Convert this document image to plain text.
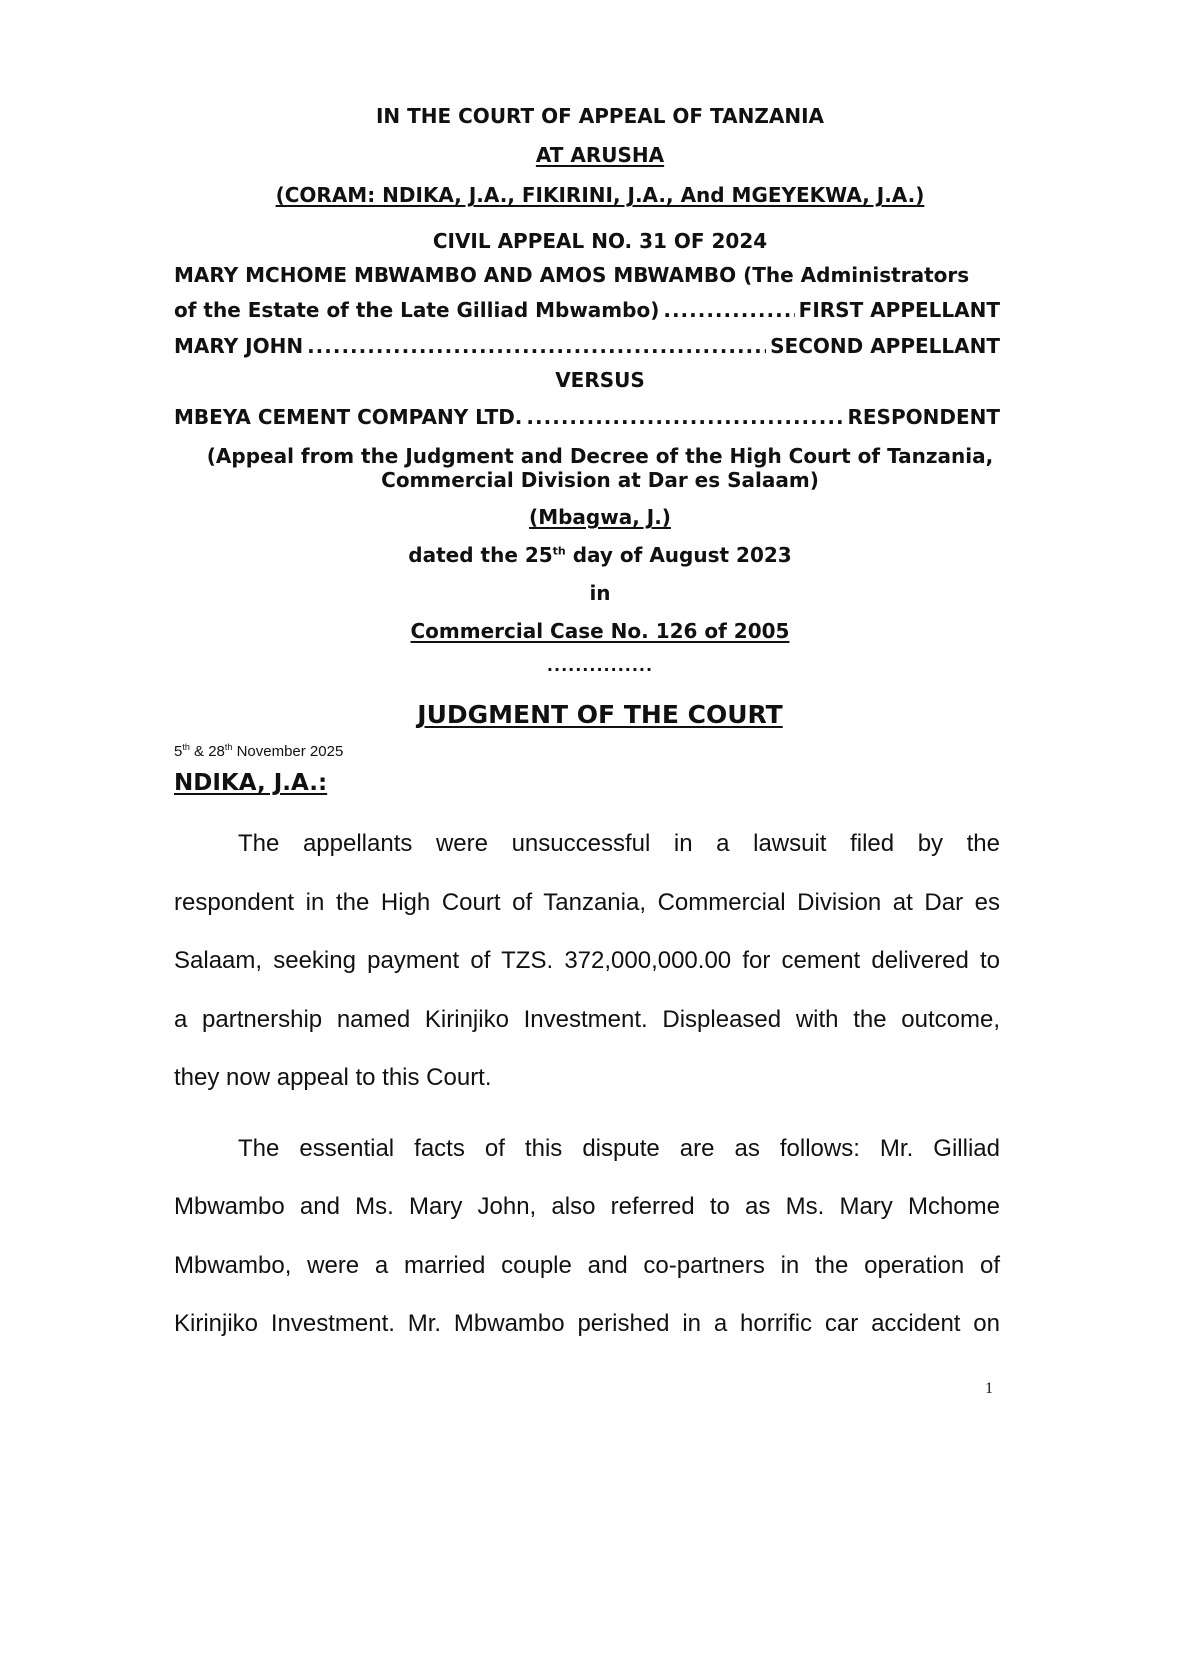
IN THE COURT OF APPEAL OF TANZANIA
AT ARUSHA
(CORAM: NDIKA, J.A., FIKIRINI, J.A., And MGEYEKWA, J.A.)
CIVIL APPEAL NO. 31 OF 2024
MARY MCHOME MBWAMBO AND AMOS MBWAMBO (The Administrators
of the Estate of the Late Gilliad Mbwambo) .....	FIRST APPELLANT
MARY JOHN .....	SECOND APPELLANT
VERSUS
MBEYA CEMENT COMPANY LTD. .....	RESPONDENT
(Appeal from the Judgment and Decree of the High Court of Tanzania,
Commercial Division at Dar es Salaam)
(Mbagwa, J.)
dated the 25th day of August 2023
in
Commercial Case No. 126 of 2005
...............
JUDGMENT OF THE COURT
5th & 28th November 2025
NDIKA, J.A.:
The appellants were unsuccessful in a lawsuit filed by the
respondent in the High Court of Tanzania, Commercial Division at Dar es
Salaam, seeking payment of TZS. 372,000,000.00 for cement delivered to
a partnership named Kirinjiko Investment. Displeased with the outcome,
they now appeal to this Court.
The essential facts of this dispute are as follows: Mr. Gilliad
Mbwambo and Ms. Mary John, also referred to as Ms. Mary Mchome
Mbwambo, were a married couple and co-partners in the operation of
Kirinjiko Investment. Mr. Mbwambo perished in a horrific car accident on
1
